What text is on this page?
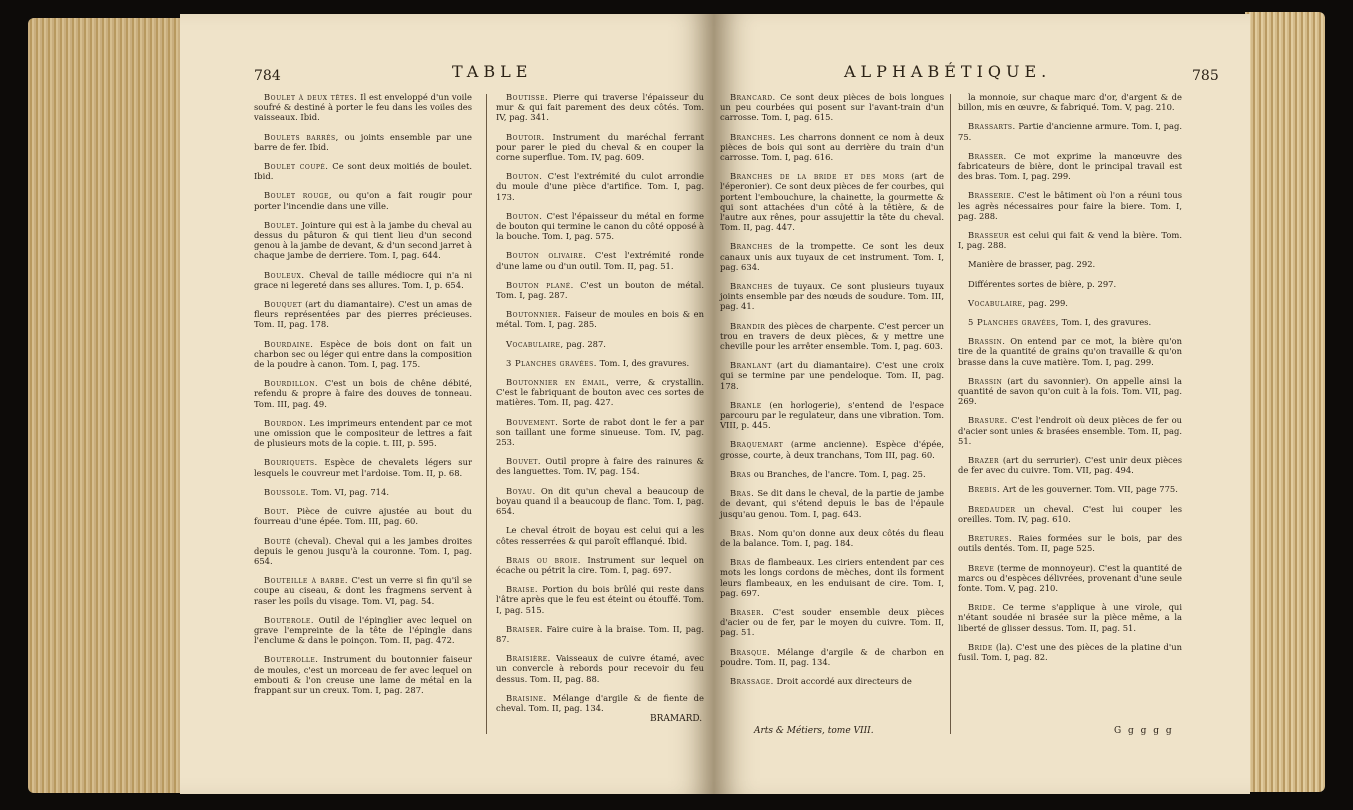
784	TABLE

Boulet à deux têtes. Il est enveloppé d'un voile soufré & destiné à porter le feu dans les voiles des vaisseaux. Ibid.

Boulets barrés, ou joints ensemble par une barre de fer. Ibid.

Boulet coupé. Ce sont deux moitiés de boulet. Ibid.

Boulet rouge, ou qu'on a fait rougir pour porter l'incendie dans une ville.

Boulet. Jointure qui est à la jambe du cheval au dessus du pâturon & qui tient lieu d'un second genou à la jambe de devant, & d'un second jarret à chaque jambe de derriere. Tom. I, pag. 644.

Bouleux. Cheval de taille médiocre qui n'a ni grace ni legereté dans ses allures. Tom. I, p. 654.

Bouquet (art du diamantaire). C'est un amas de fleurs représentées par des pierres précieuses. Tom. II, pag. 178.

Bourdaine. Espèce de bois dont on fait un charbon sec ou léger qui entre dans la composition de la poudre à canon. Tom. I, pag. 175.

Bourdillon. C'est un bois de chêne débité, refendu & propre à faire des douves de tonneau. Tom. III, pag. 49.

Bourdon. Les imprimeurs entendent par ce mot une omission que le compositeur de lettres a fait de plusieurs mots de la copie. t. III, p. 595.

Bouriquets. Espèce de chevalets légers sur lesquels le couvreur met l'ardoise. Tom. II, p. 68.

Boussole. Tom. VI, pag. 714.

Bout. Pièce de cuivre ajustée au bout du fourreau d'une épée. Tom. III, pag. 60.

Bouté (cheval). Cheval qui a les jambes droites depuis le genou jusqu'à la couronne. Tom. I, pag. 654.

Bouteille à barbe. C'est un verre si fin qu'il se coupe au ciseau, & dont les fragmens servent à raser les poils du visage. Tom. VI, pag. 54.

Bouterole. Outil de l'épinglier avec lequel on grave l'empreinte de la tête de l'épingle dans l'enclume & dans le poinçon. Tom. II, pag. 472.

Bouterolle. Instrument du boutonnier faiseur de moules, c'est un morceau de fer avec lequel on embouti & l'on creuse une lame de métal en la frappant sur un creux. Tom. I, pag. 287.

Boutisse. Pierre qui traverse l'épaisseur du mur & qui fait parement des deux côtés. Tom. IV, pag. 341.

Boutoir. Instrument du maréchal ferrant pour parer le pied du cheval & en couper la corne superflue. Tom. IV, pag. 609.

Bouton. C'est l'extrémité du culot arrondie du moule d'une pièce d'artifice. Tom. I, pag. 173.

Bouton. C'est l'épaisseur du métal en forme de bouton qui termine le canon du côté opposé à la bouche. Tom. I, pag. 575.

Bouton olivaire. C'est l'extrémité ronde d'une lame ou d'un outil. Tom. II, pag. 51.

Bouton plané. C'est un bouton de métal. Tom. I, pag. 287.

Boutonnier. Faiseur de moules en bois & en métal. Tom. I, pag. 285.

Vocabulaire, pag. 287.

3 Planches gravées. Tom. I, des gravures.

Boutonnier en émail, verre, & crystallin. C'est le fabriquant de bouton avec ces sortes de matières. Tom. II, pag. 427.

Bouvement. Sorte de rabot dont le fer a par son taillant une forme sinueuse. Tom. IV, pag. 253.

Bouvet. Outil propre à faire des rainures & des languettes. Tom. IV, pag. 154.

Boyau. On dit qu'un cheval a beaucoup de boyau quand il a beaucoup de flanc. Tom. I, pag. 654.

Le cheval étroit de boyau est celui qui a les côtes resserrées & qui paroît efflanqué. Ibid.

Brais ou broie. Instrument sur lequel on écache ou pétrit la cire. Tom. I, pag. 697.

Braise. Portion du bois brûlé qui reste dans l'âtre après que le feu est éteint ou étouffé. Tom. I, pag. 515.

Braiser. Faire cuire à la braise. Tom. II, pag. 87.

Braisière. Vaisseaux de cuivre étamé, avec un convercle à rebords pour recevoir du feu dessus. Tom. II, pag. 88.

Braisine. Mélange d'argile & de fiente de cheval. Tom. II, pag. 134.

BRAMARD.
ALPHABÉTIQUE.	785

Brancard. Ce sont deux pièces de bois longues un peu courbées qui posent sur l'avant-train d'un carrosse. Tom. I, pag. 615.

Branches. Les charrons donnent ce nom à deux pièces de bois qui sont au derrière du train d'un carrosse. Tom. I, pag. 616.

Branches de la bride et des mors (art de l'éperonier). Ce sont deux pièces de fer courbes, qui portent l'embouchure, la chainette, la gourmette & qui sont attachées d'un côté à la têtière, & de l'autre aux rênes, pour assujettir la tête du cheval. Tom. II, pag. 447.

Branches de la trompette. Ce sont les deux canaux unis aux tuyaux de cet instrument. Tom. I, pag. 634.

Branches de tuyaux. Ce sont plusieurs tuyaux joints ensemble par des nœuds de soudure. Tom. III, pag. 41.

Brandir des pièces de charpente. C'est percer un trou en travers de deux pièces, & y mettre une cheville pour les arrêter ensemble. Tom. I, pag. 603.

Branlant (art du diamantaire). C'est une croix qui se termine par une pendeloque. Tom. II, pag. 178.

Branle (en horlogerie), s'entend de l'espace parcouru par le regulateur, dans une vibration. Tom. VIII, p. 445.

Braquemart (arme ancienne). Espèce d'épée, grosse, courte, à deux tranchans, Tom III, pag. 60.

Bras ou Branches, de l'ancre. Tom. I, pag. 25.

Bras. Se dit dans le cheval, de la partie de jambe de devant, qui s'étend depuis le bas de l'épaule jusqu'au genou. Tom. I, pag. 643.

Bras. Nom qu'on donne aux deux côtés du fleau de la balance. Tom. I, pag. 184.

Bras de flambeaux. Les ciriers entendent par ces mots les longs cordons de mèches, dont ils forment leurs flambeaux, en les enduisant de cire. Tom. I, pag. 697.

Braser. C'est souder ensemble deux pièces d'acier ou de fer, par le moyen du cuivre. Tom. II, pag. 51.

Brasque. Mélange d'argile & de charbon en poudre. Tom. II, pag. 134.

Brassage. Droit accordé aux directeurs de

la monnoie, sur chaque marc d'or, d'argent & de billon, mis en œuvre, & fabriqué. Tom. V, pag. 210.

Brassarts. Partie d'ancienne armure. Tom. I, pag. 75.

Brasser. Ce mot exprime la manœuvre des fabricateurs de bière, dont le principal travail est des bras. Tom. I, pag. 299.

Brasserie. C'est le bâtiment où l'on a réuni tous les agrès nécessaires pour faire la biere. Tom. I, pag. 288.

Brasseur est celui qui fait & vend la bière. Tom. I, pag. 288.

Manière de brasser, pag. 292.

Différentes sortes de bière, p. 297.

Vocabulaire, pag. 299.

5 Planches gravées, Tom. I, des gravures.

Brassin. On entend par ce mot, la bière qu'on tire de la quantité de grains qu'on travaille & qu'on brasse dans la cuve matière. Tom. I, pag. 299.

Brassin (art du savonnier). On appelle ainsi la quantité de savon qu'on cuit à la fois. Tom. VII, pag. 269.

Brasure. C'est l'endroit où deux pièces de fer ou d'acier sont unies & brasées ensemble. Tom. II, pag. 51.

Brazer (art du serrurier). C'est unir deux pièces de fer avec du cuivre. Tom. VII, pag. 494.

Brebis. Art de les gouverner. Tom. VII, page 775.

Bredauder un cheval. C'est lui couper les oreilles. Tom. IV, pag. 610.

Bretures. Raies formées sur le bois, par des outils dentés. Tom. II, page 525.

Breve (terme de monnoyeur). C'est la quantité de marcs ou d'espèces délivrées, provenant d'une seule fonte. Tom. V, pag. 210.

Bride. Ce terme s'applique à une virole, qui n'étant soudée ni brasée sur la pièce même, a la liberté de glisser dessus. Tom. II, pag. 51.

Bride (la). C'est une des pièces de la platine d'un fusil. Tom. I, pag. 82.

Arts & Métiers, tome VIII.	G g g g g
